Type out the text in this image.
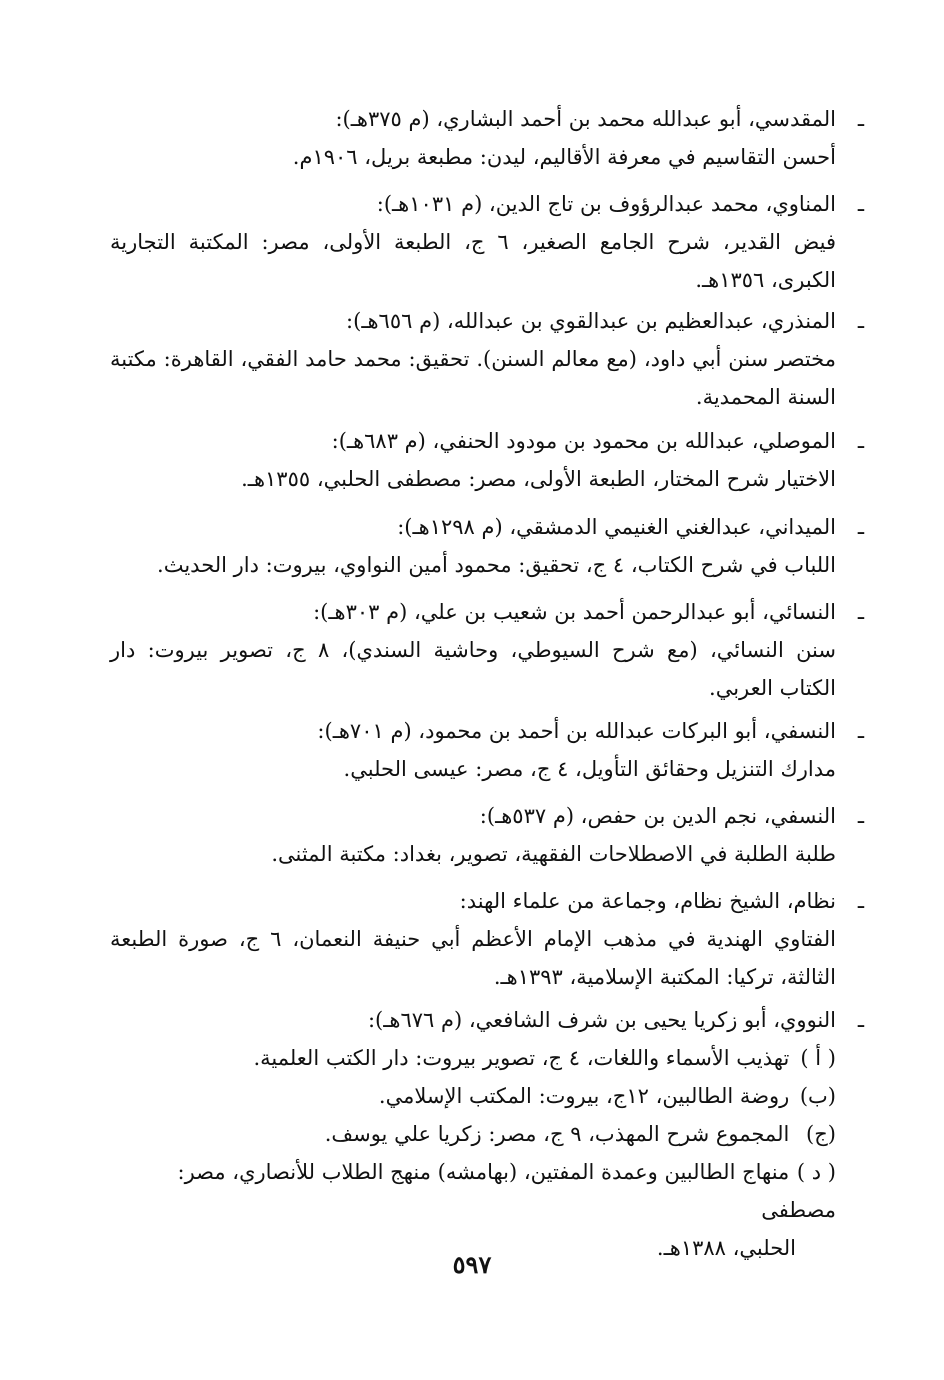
ـ
المقدسي، أبو عبدالله محمد بن أحمد البشاري، (م ٣٧٥هـ):
أحسن التقاسيم في معرفة الأقاليم، ليدن: مطبعة بريل، ١٩٠٦م.
ـ
المناوي، محمد عبدالرؤوف بن تاج الدين، (م ١٠٣١هـ):
فيض القدير، شرح الجامع الصغير، ٦ ج، الطبعة الأولى، مصر: المكتبة التجارية الكبرى، ١٣٥٦هـ.
ـ
المنذري، عبدالعظيم بن عبدالقوي بن عبدالله، (م ٦٥٦هـ):
مختصر سنن أبي داود، (مع معالم السنن). تحقيق: محمد حامد الفقي، القاهرة: مكتبة السنة المحمدية.
ـ
الموصلي، عبدالله بن محمود بن مودود الحنفي، (م ٦٨٣هـ):
الاختيار شرح المختار، الطبعة الأولى، مصر: مصطفى الحلبي، ١٣٥٥هـ.
ـ
الميداني، عبدالغني الغنيمي الدمشقي، (م ١٢٩٨هـ):
اللباب في شرح الكتاب، ٤ ج، تحقيق: محمود أمين النواوي، بيروت: دار الحديث.
ـ
النسائي، أبو عبدالرحمن أحمد بن شعيب بن علي، (م ٣٠٣هـ):
سنن النسائي، (مع شرح السيوطي، وحاشية السندي)، ٨ ج، تصوير بيروت: دار الكتاب العربي.
ـ
النسفي، أبو البركات عبدالله بن أحمد بن محمود، (م ٧٠١هـ):
مدارك التنزيل وحقائق التأويل، ٤ ج، مصر: عيسى الحلبي.
ـ
النسفي، نجم الدين بن حفص، (م ٥٣٧هـ):
طلبة الطلبة في الاصطلاحات الفقهية، تصوير، بغداد: مكتبة المثنى.
ـ
نظام، الشيخ نظام، وجماعة من علماء الهند:
الفتاوي الهندية في مذهب الإمام الأعظم أبي حنيفة النعمان، ٦ ج، صورة الطبعة الثالثة، تركيا: المكتبة الإسلامية، ١٣٩٣هـ.
ـ
النووي، أبو زكريا يحيى بن شرف الشافعي، (م ٦٧٦هـ):
( أ ) تهذيب الأسماء واللغات، ٤ ج، تصوير بيروت: دار الكتب العلمية.
(ب) روضة الطالبين، ١٢ج، بيروت: المكتب الإسلامي.
(ج) المجموع شرح المهذب، ٩ ج، مصر: زكريا علي يوسف.
( د ) منهاج الطالبين وعمدة المفتين، (بهامشه) منهج الطلاب للأنصاري، مصر: مصطفى
الحلبي، ١٣٨٨هـ.
٥٩٧
